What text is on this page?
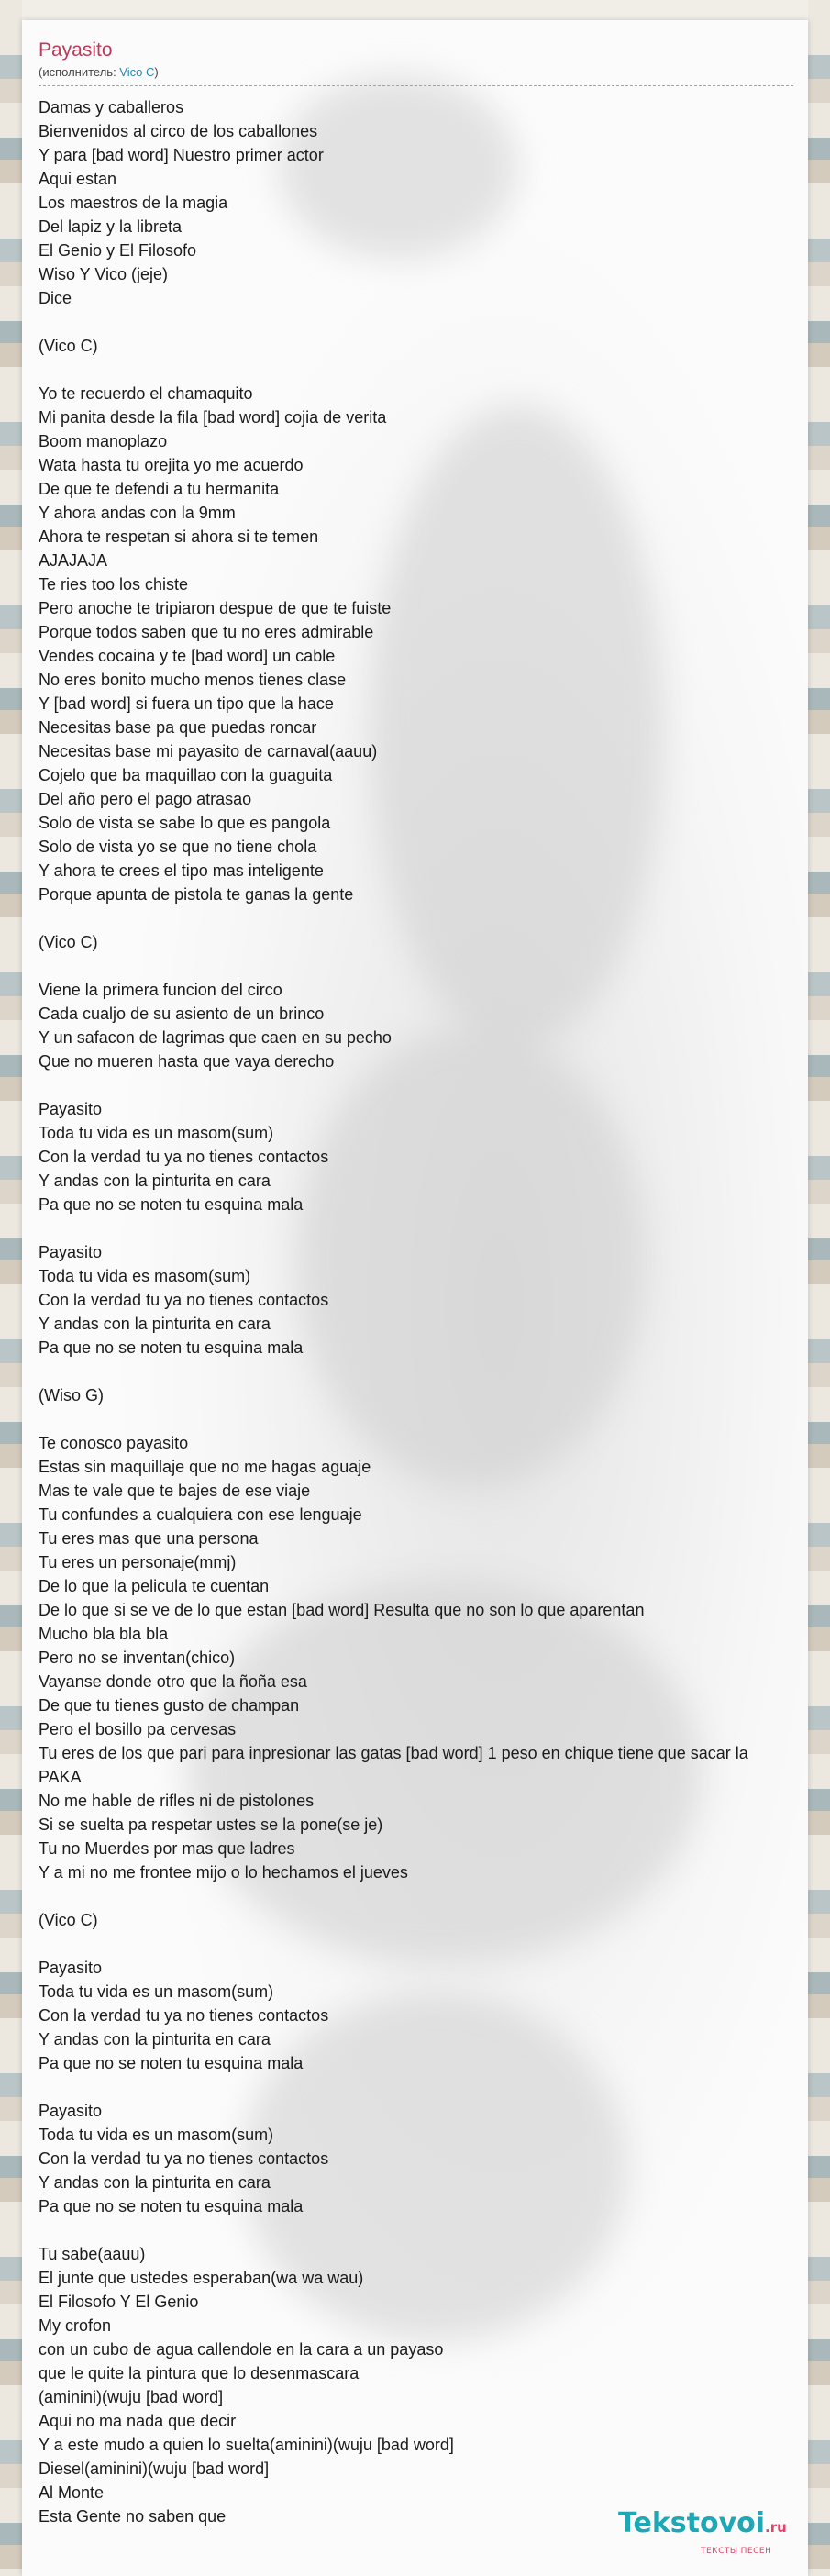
Payasito
(исполнитель: Vico C)
Damas y caballeros
Bienvenidos al circo de los caballones
Y para [bad word] Nuestro primer actor
Aqui estan
Los maestros de la magia
Del lapiz y la libreta
El Genio y El Filosofo
Wiso Y Vico (jeje)
Dice

(Vico C)

Yo te recuerdo el chamaquito
Mi panita desde la fila [bad word] cojia de verita
Boom manoplazo
Wata hasta tu orejita yo me acuerdo
De que te defendi a tu hermanita
Y ahora andas con la 9mm
Ahora te respetan si ahora si te temen
AJAJAJA
Te ries too los chiste
Pero anoche te tripiaron despue de que te fuiste
Porque todos saben que tu no eres admirable
Vendes cocaina y te [bad word] un cable
No eres bonito mucho menos tienes clase
Y [bad word] si fuera un tipo que la hace
Necesitas base pa que puedas roncar
Necesitas base mi payasito de carnaval(aauu)
Cojelo que ba maquillao con la guaguita
Del año pero el pago atrasao
Solo de vista se sabe lo que es pangola
Solo de vista yo se que no tiene chola
Y ahora te crees el tipo mas inteligente
Porque apunta de pistola te ganas la gente

(Vico C)

Viene la primera funcion del circo
Cada cualjo de su asiento de un brinco
Y un safacon de lagrimas que caen en su pecho
Que no mueren hasta que vaya derecho

Payasito
Toda tu vida es un masom(sum)
Con la verdad tu ya no tienes contactos
Y andas con la pinturita en cara
Pa que no se noten tu esquina mala

Payasito
Toda tu vida es masom(sum)
Con la verdad tu ya no tienes contactos
Y andas con la pinturita en cara
Pa que no se noten tu esquina mala

(Wiso G)

Te conosco payasito
Estas sin maquillaje que no me hagas aguaje
Mas te vale que te bajes de ese viaje
Tu confundes a cualquiera con ese lenguaje
Tu eres mas que una persona
Tu eres un personaje(mmj)
De lo que la pelicula te cuentan
De lo que si se ve de lo que estan [bad word] Resulta que no son lo que aparentan
Mucho bla bla bla
Pero no se inventan(chico)
Vayanse donde otro que la ñoña esa
De que tu tienes gusto de champan
Pero el bosillo pa cervesas
Tu eres de los que pari para inpresionar las gatas [bad word] 1 peso en chique tiene que sacar la
PAKA
No me hable de rifles ni de pistolones
Si se suelta pa respetar ustes se la pone(se je)
Tu no Muerdes por mas que ladres
Y a mi no me frontee mijo o lo hechamos el jueves

(Vico C)

Payasito
Toda tu vida es un masom(sum)
Con la verdad tu ya no tienes contactos
Y andas con la pinturita en cara
Pa que no se noten tu esquina mala

Payasito
Toda tu vida es un masom(sum)
Con la verdad tu ya no tienes contactos
Y andas con la pinturita en cara
Pa que no se noten tu esquina mala

Tu sabe(aauu)
El junte que ustedes esperaban(wa wa wau)
El Filosofo Y El Genio
My crofon
con un cubo de agua callendole en la cara a un payaso
que le quite la pintura que lo desenmascara
(aminini)(wuju [bad word]
Aqui no ma nada que decir
Y a este mudo a quien lo suelta(aminini)(wuju [bad word]
Diesel(aminini)(wuju [bad word]
Al Monte
Esta Gente no saben que	Tekstovoi.ru
ТЕКСТЫ ПЕСЕН
